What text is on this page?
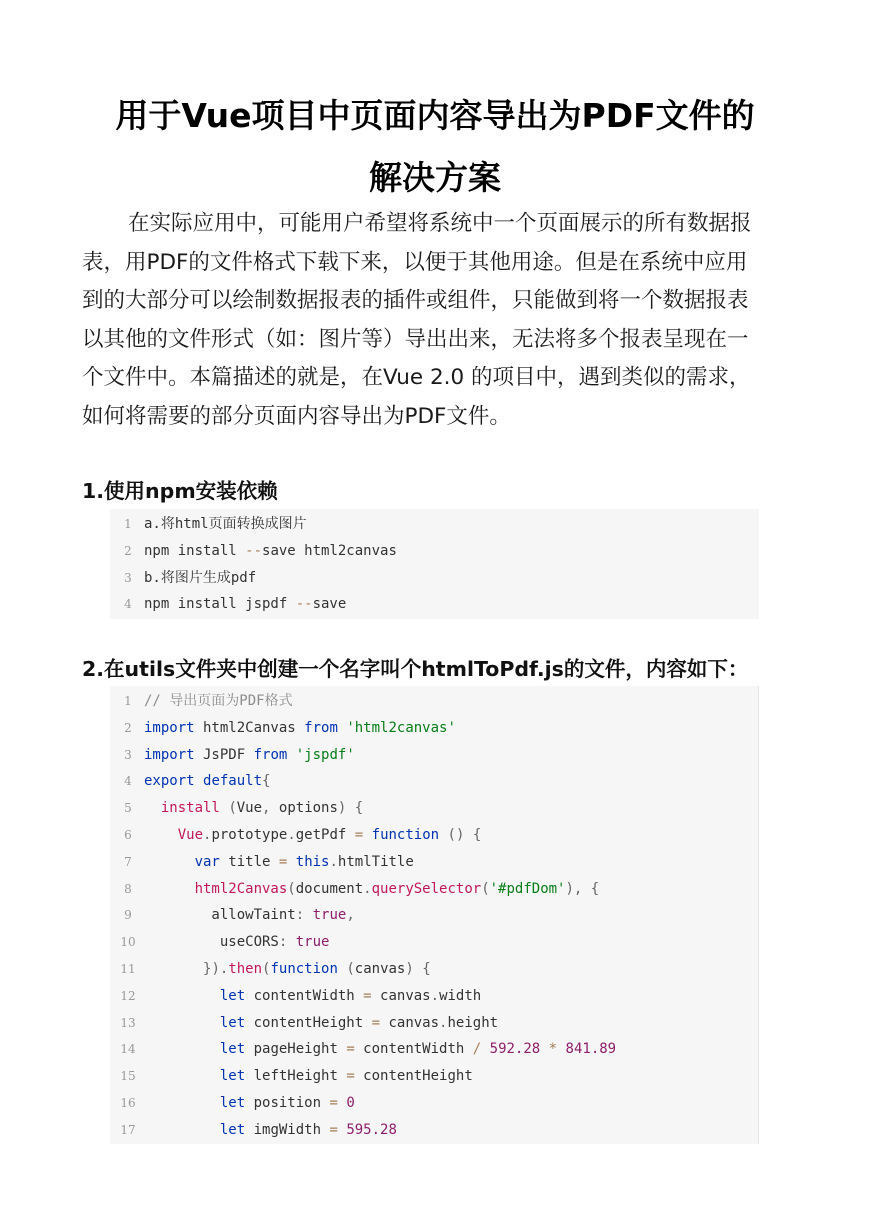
用于Vue项目中页面内容导出为PDF文件的
解决方案
在实际应用中，可能用户希望将系统中一个页面展示的所有数据报
表，用PDF的文件格式下载下来，以便于其他用途。但是在系统中应用
到的大部分可以绘制数据报表的插件或组件，只能做到将一个数据报表
以其他的文件形式（如：图片等）导出出来，无法将多个报表呈现在一
个文件中。本篇描述的就是，在Vue 2.0 的项目中，遇到类似的需求，
如何将需要的部分页面内容导出为PDF文件。
1.使用npm安装依赖
1 a.将html页面转换成图片
2 npm install --save html2canvas
3 b.将图片生成pdf
4 npm install jspdf --save
2.在utils文件夹中创建一个名字叫个htmlToPdf.js的文件，内容如下：
1 // 导出页面为PDF格式
2 import html2Canvas from 'html2canvas'
3 import JsPDF from 'jspdf'
4 export default{
5	install (Vue, options) {
6	Vue.prototype.getPdf = function () {
7	var title = this.htmlTitle
8	html2Canvas(document.querySelector('#pdfDom'), {
9 allowTaint: true,
10 useCORS: true
11	}).then(function (canvas) {
12	let contentWidth = canvas.width
13	let contentHeight = canvas.height
14	let pageHeight = contentWidth / 592.28 * 841.89
15	let leftHeight = contentHeight
16	let position = 0
17	let imgWidth = 595.28
